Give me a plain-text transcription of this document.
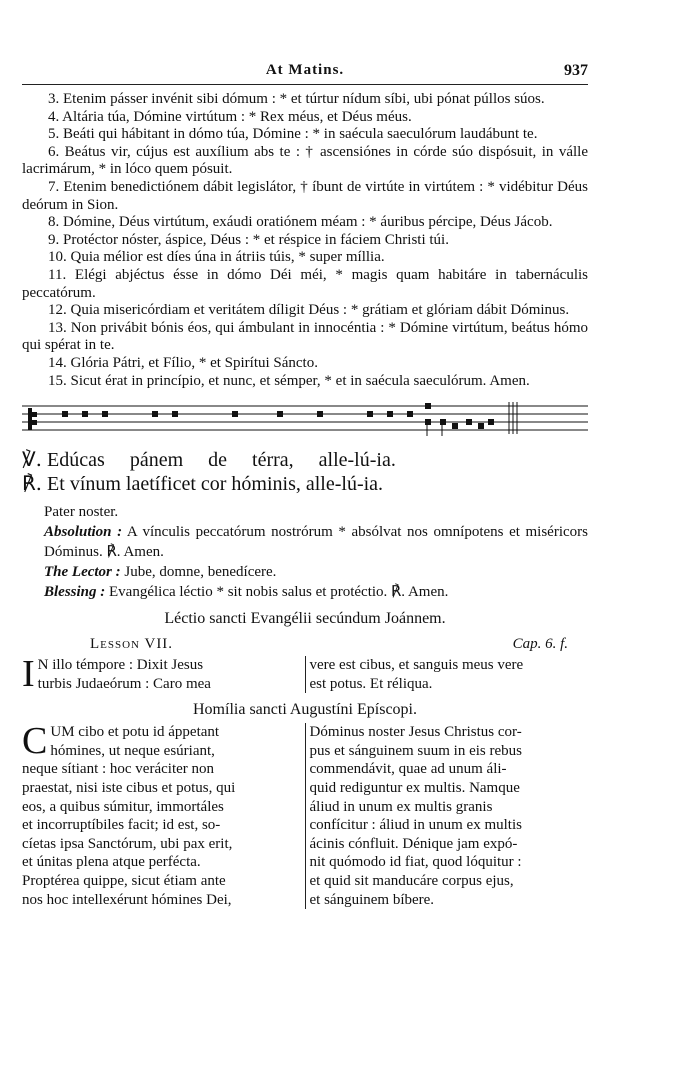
At Matins.	937
3. Etenim pásser invénit sibi dómum : * et túrtur nídum síbi, ubi pónat púllos súos.
4. Altária túa, Dómine virtútum : * Rex méus, et Déus méus.
5. Beáti qui hábitant in dómo túa, Dómine : * in saécula saeculórum laudábunt te.
6. Beátus vir, cújus est auxílium abs te : † ascensiónes in córde súo dispósuit, in válle lacrimárum, * in lóco quem pósuit.
7. Etenim benedictiónem dábit legislátor, † íbunt de virtúte in virtútem : * vidébitur Déus deórum in Sion.
8. Dómine, Déus virtútum, exáudi oratiónem méam : * áuribus pércipe, Déus Jácob.
9. Protéctor nóster, áspice, Déus : * et réspice in fáciem Christi túi.
10. Quia mélior est díes úna in átriis túis, * super míllia.
11. Elégi abjéctus ésse in dómo Déi méi, * magis quam habitáre in tabernáculis peccatórum.
12. Quia misericórdiam et veritátem díligit Déus : * grátiam et glóriam dábit Dóminus.
13. Non privábit bónis éos, qui ámbulant in innocéntia : * Dómine virtútum, beátus hómo qui spérat in te.
14. Glória Pátri, et Fílio, * et Spirítui Sáncto.
15. Sicut érat in princípio, et nunc, et sémper, * et in saécula saeculórum. Amen.
℣. Edúcas pánem de térra, alle-lú-ia.
℟. Et vínum laetíficet cor hóminis, alle-lú-ia.
Pater noster.
Absolution : A vínculis peccatórum nostrórum * absólvat nos omnípotens et miséricors Dóminus. ℟. Amen.
The Lector : Jube, domne, benedícere.
Blessing : Evangélica léctio * sit nobis salus et protéctio. ℟. Amen.
Léctio sancti Evangélii secúndum Joánnem.
Lesson VII.	Cap. 6. f.
I N illo témpore : Dixit Jesus
turbis Judaeórum : Caro mea
vere est cibus, et sanguis meus vere
est potus. Et réliqua.
Homília sancti Augustíni Epíscopi.
C UM cibo et potu id áppetant
hómines, ut neque esúriant,
neque sítiant : hoc veráciter non
praestat, nisi iste cibus et potus, qui
eos, a quibus súmitur, immortáles
et incorruptíbiles facit; id est, so-
cíetas ipsa Sanctórum, ubi pax erit,
et únitas plena atque perfécta.
Proptérea quippe, sicut étiam ante
nos hoc intellexérunt hómines Dei,
Dóminus noster Jesus Christus cor-
pus et sánguinem suum in eis rebus
commendávit, quae ad unum áli-
quid rediguntur ex multis. Namque
áliud in unum ex multis granis
confícitur : áliud in unum ex multis
ácinis cónfluit. Dénique jam expó-
nit quómodo id fiat, quod lóquitur :
et quid sit manducáre corpus ejus,
et sánguinem bíbere.
